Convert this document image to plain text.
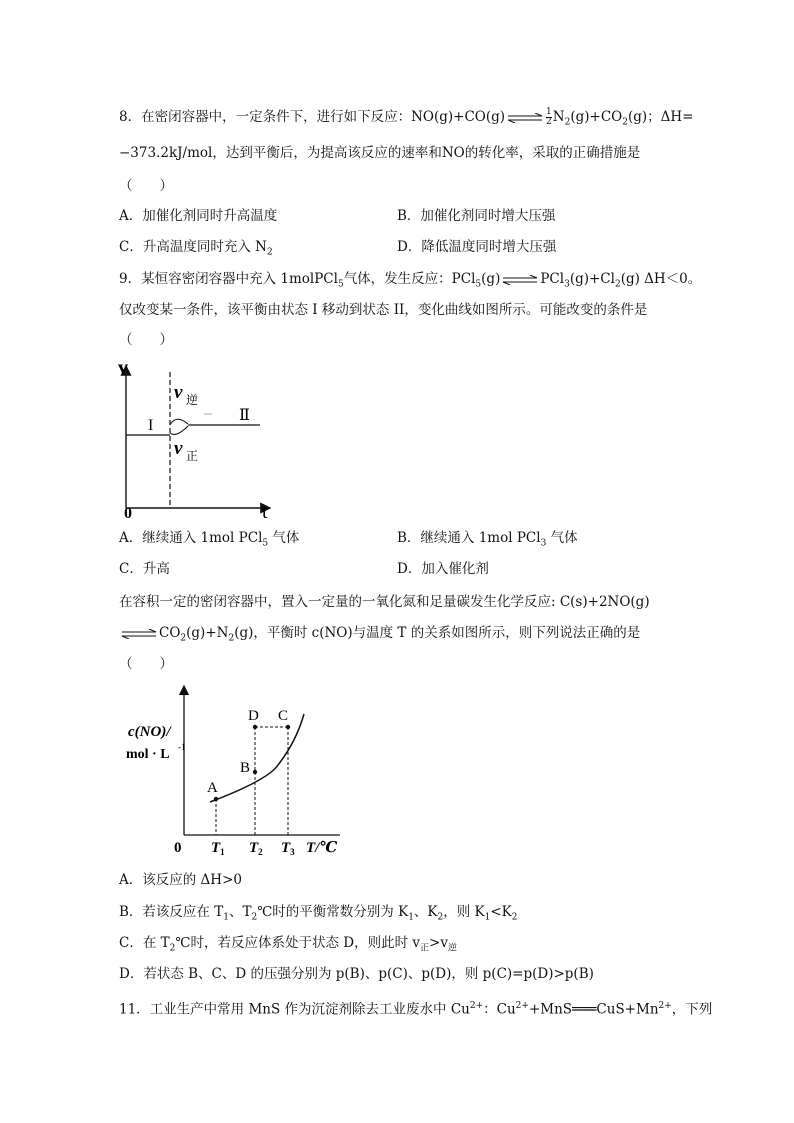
8．在密闭容器中，一定条件下，进行如下反应：NO(g)+CO(g) ⇌ $\frac{1}{2} N_2(g)+CO_2(g)$；ΔH=
−373.2kJ/mol，达到平衡后，为提高该反应的速率和NO的转化率，采取的正确措施是
（　　）
A．加催化剂同时升高温度	B．加催化剂同时增大压强
C．升高温度同时充入 $N_2$	D．降低温度同时增大压强
9．某恒容密闭容器中充入 1molPCl$_5$气体，发生反应：PCl$_5$(g) ⇌ $PCl_3(g)+Cl_2(g)$ ΔH＜0。
仅改变某一条件，该平衡由状态 I 移动到状态 II，变化曲线如图所示。可能改变的条件是
（　　）
v
t
0
I
Ⅱ
v 逆
v 正
A．继续通入 1mol PCl$_5$ 气体	B．继续通入 1mol PCl$_3$ 气体
C．升高	D．加入催化剂
在容积一定的密闭容器中，置入一定量的一氧化氮和足量碳发生化学反应: C(s)+2NO(g)
⇌ $CO_2(g)+N_2(g)$，平衡时 c(NO)与温度 T 的关系如图所示，则下列说法正确的是
（　　）
c(NO)/
mol · L -1
A
B
D C
0 $T_1$ $T_2$ $T_3$ T/℃
A．该反应的 ΔH>0
B．若该反应在 $T_1$、$T_2℃$时的平衡常数分别为 $K_1$、$K_2$，则 $K_1<K_2$
C．在 $T_2℃$时，若反应体系处于状态 D，则此时 $v_正>v_逆$
D．若状态 B、C、D 的压强分别为 p(B)、p(C)、p(D)，则 p(C)=p(D)>p(B)
11．工业生产中常用 MnS 作为沉淀剂除去工业废水中 $Cu^{2+}$：$Cu^{2+}+MnS═══CuS+Mn^{2+}$，下列
